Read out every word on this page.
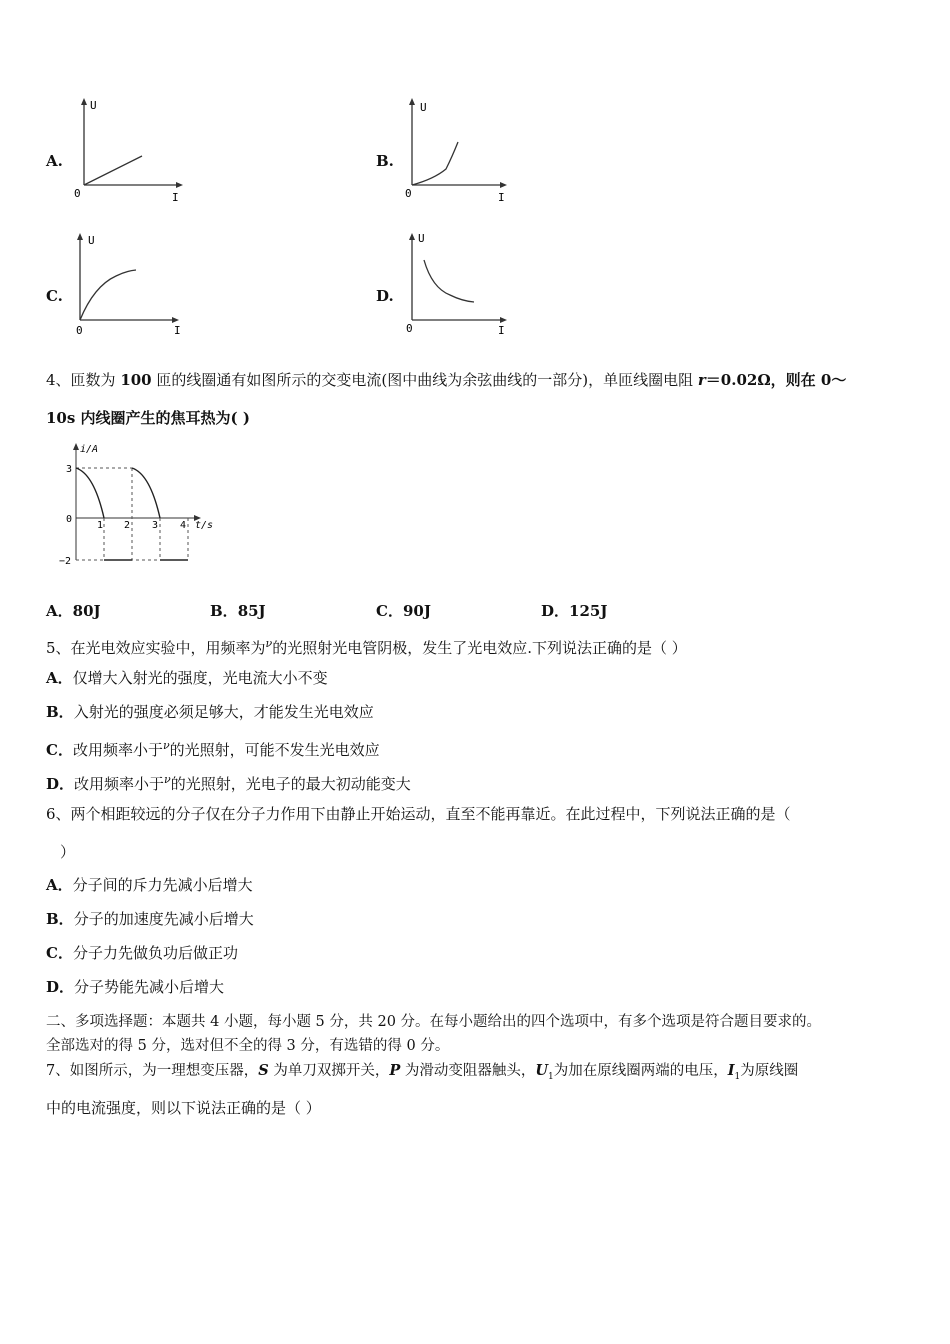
A.
U
I
0
B.
U
I
0
C.
U
I
0
D.
U
I
0
4、匝数为 100 匝的线圈通有如图所示的交变电流(图中曲线为余弦曲线的一部分)，单匝线圈电阻 r＝0.02Ω，则在 0～
10s 内线圈产生的焦耳热为( )
i/A
t/s
3
0
−2
1 2 3 4
A．80J	B．85J	C．90J	D．125J
5、在光电效应实验中，用频率为$^\nu$的光照射光电管阴极，发生了光电效应.下列说法正确的是（ ）
A．仅增大入射光的强度，光电流大小不变
B．入射光的强度必须足够大，才能发生光电效应
C．改用频率小于$^\nu$的光照射，可能不发生光电效应
D．改用频率小于$^\nu$的光照射，光电子的最大初动能变大
6、两个相距较远的分子仅在分子力作用下由静止开始运动，直至不能再靠近。在此过程中，下列说法正确的是（
）
A．分子间的斥力先减小后增大
B．分子的加速度先减小后增大
C．分子力先做负功后做正功
D．分子势能先减小后增大
二、多项选择题：本题共 4 小题，每小题 5 分，共 20 分。在每小题给出的四个选项中，有多个选项是符合题目要求的。
全部选对的得 5 分，选对但不全的得 3 分，有选错的得 0 分。
7、如图所示，为一理想变压器，S 为单刀双掷开关，P 为滑动变阻器触头，$U_1$为加在原线圈两端的电压，$I_1$为原线圈
中的电流强度，则以下说法正确的是（ ）
